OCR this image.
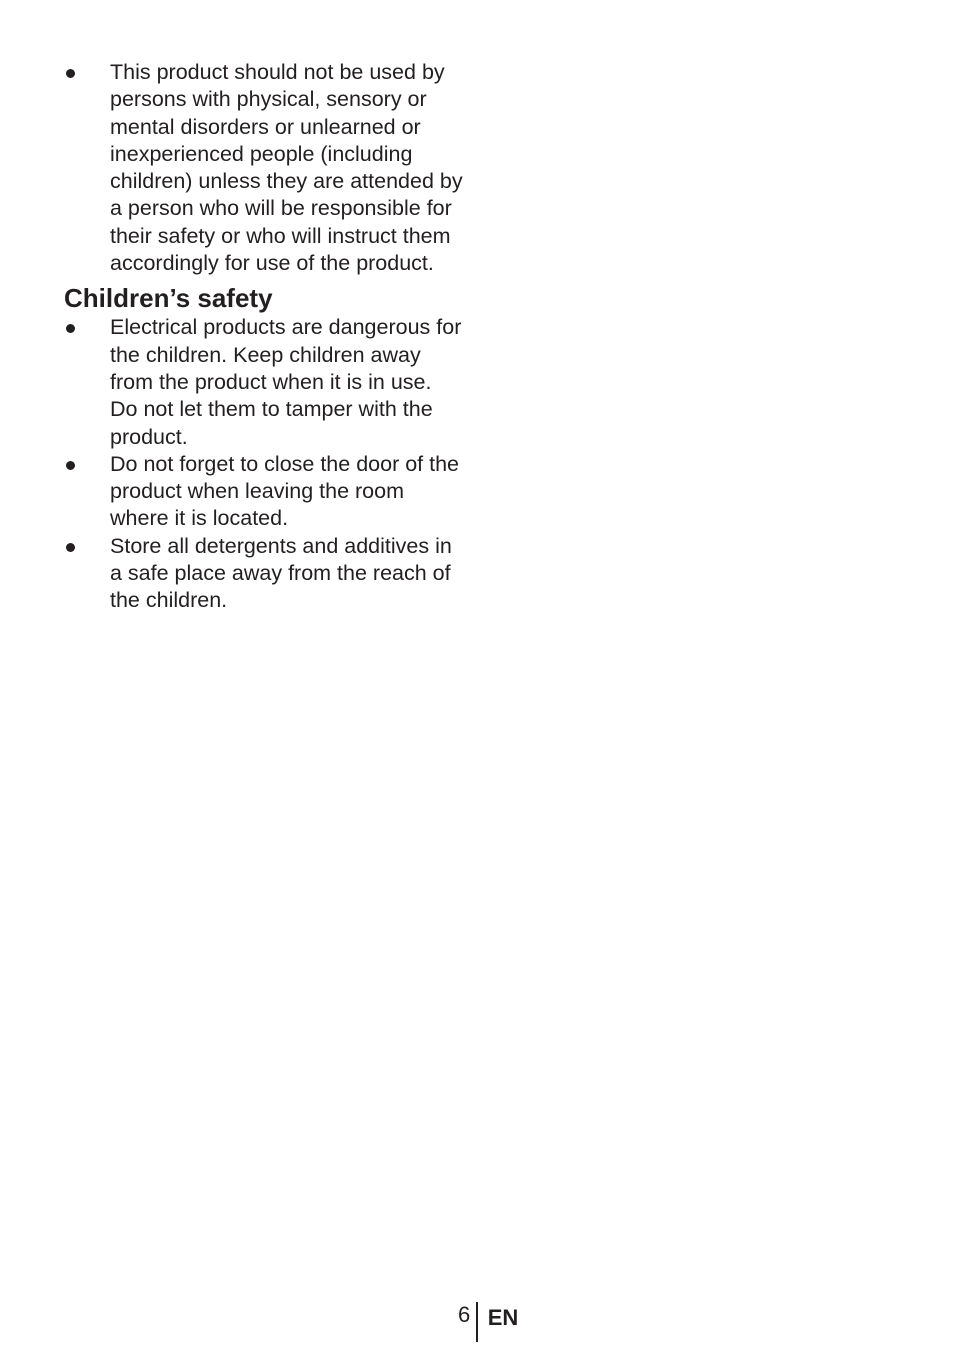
This product should not be used by persons with physical, sensory or mental disorders or unlearned or inexperienced people (including children) unless they are attended by a person who will be responsible for their safety or who will instruct them accordingly for use of the product.
Children’s safety
Electrical products are dangerous for the children. Keep children away from the product when it is in use. Do not let them to tamper with the product.
Do not forget to close the door of the product when leaving the room where it is located.
Store all detergents and additives in a safe place away from the reach of the children.
6 EN
